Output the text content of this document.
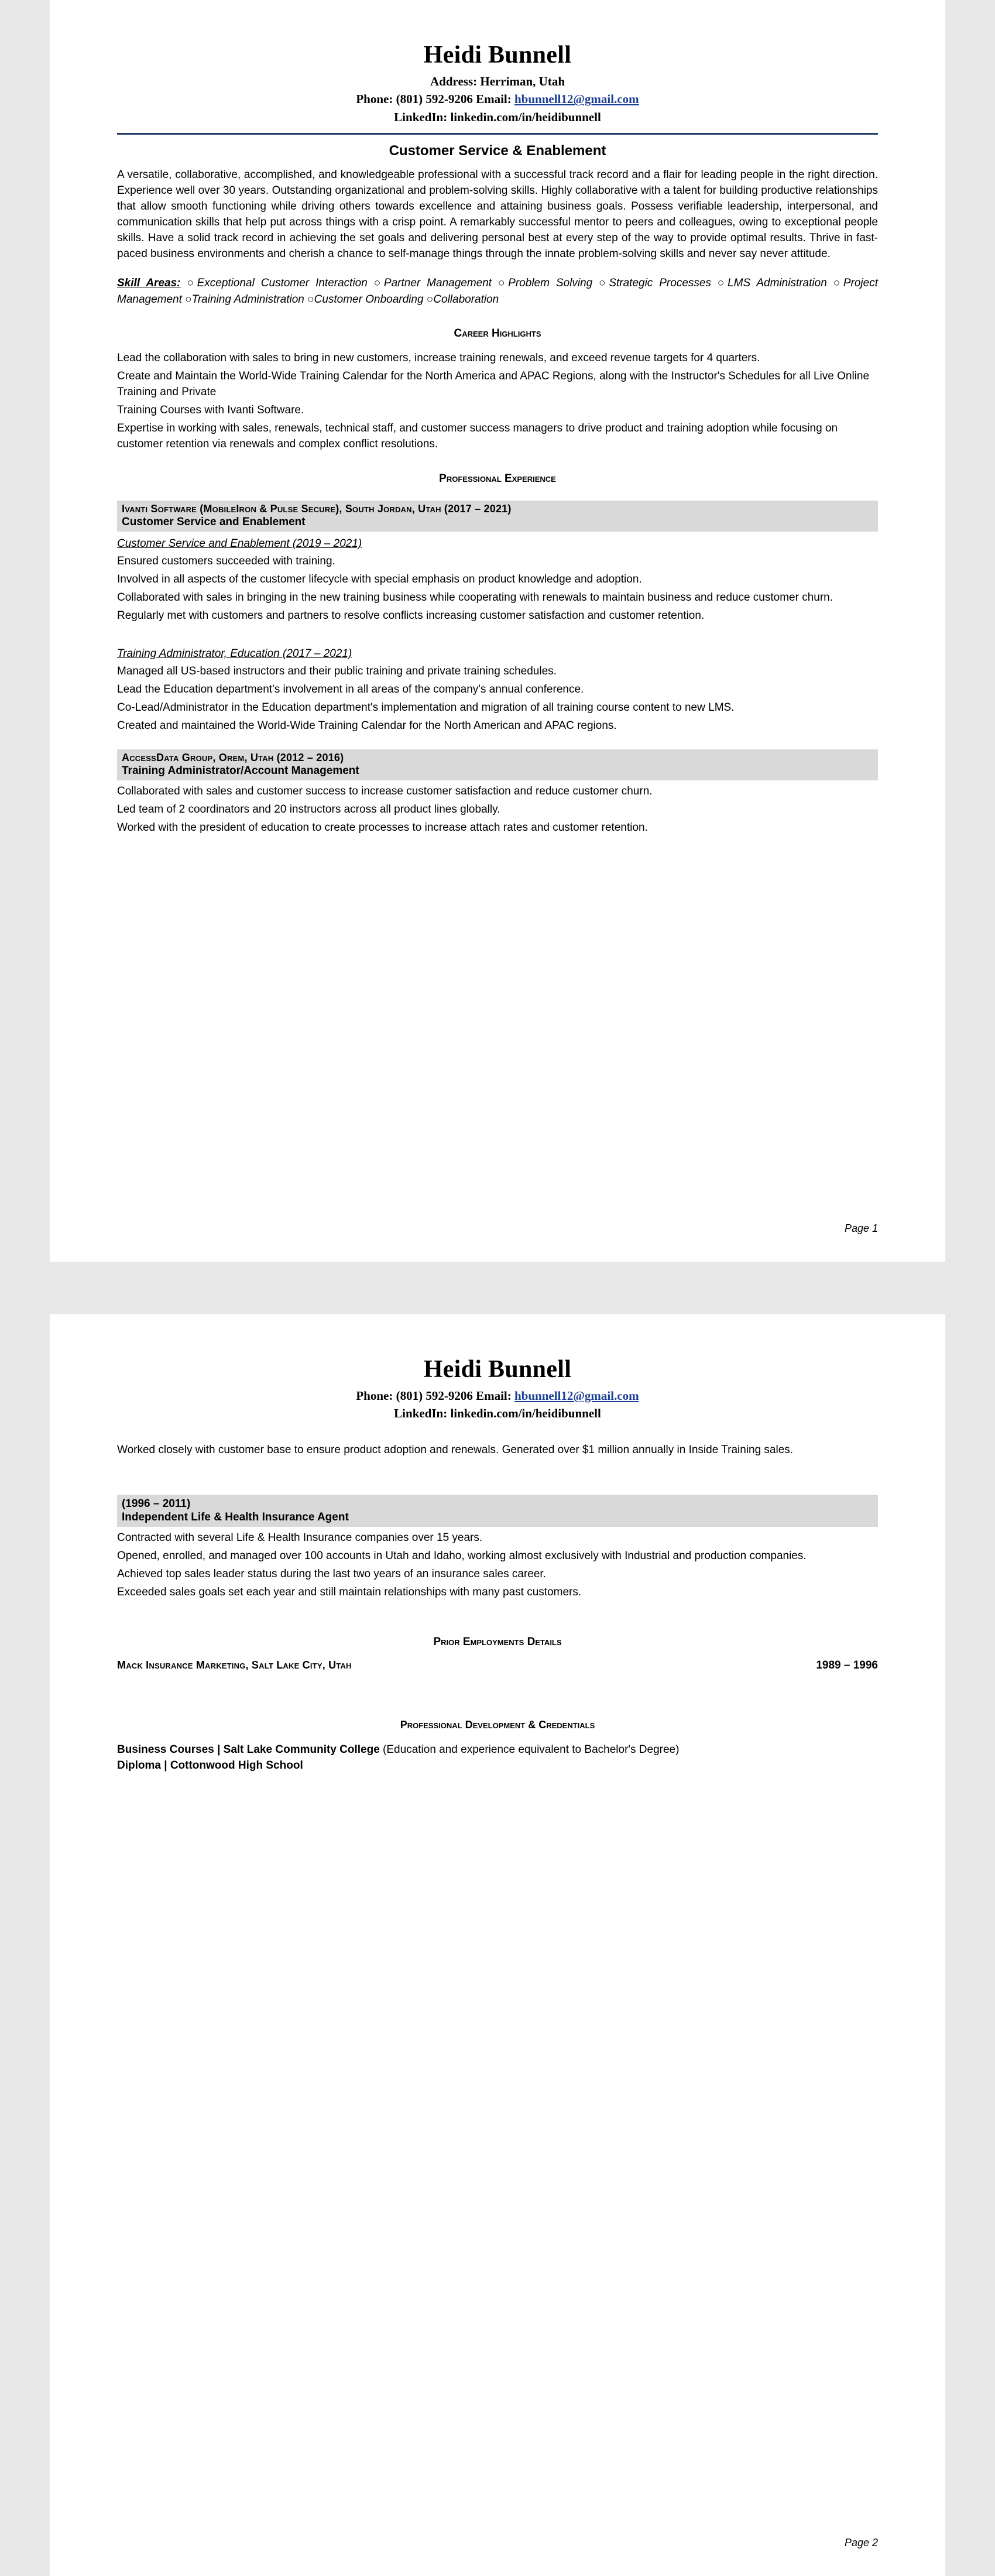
Heidi Bunnell
Address: Herriman, Utah
Phone: (801) 592-9206 Email: hbunnell12@gmail.com
LinkedIn: linkedin.com/in/heidibunnell
Customer Service & Enablement

A versatile, collaborative, accomplished, and knowledgeable professional with a successful track record and a flair for leading people in the right direction. Experience well over 30 years. Outstanding organizational and problem-solving skills. Highly collaborative with a talent for building productive relationships that allow smooth functioning while driving others towards excellence and attaining business goals. Possess verifiable leadership, interpersonal, and communication skills that help put across things with a crisp point. A remarkably successful mentor to peers and colleagues, owing to exceptional people skills. Have a solid track record in achieving the set goals and delivering personal best at every step of the way to provide optimal results. Thrive in fast-paced business environments and cherish a chance to self-manage things through the innate problem-solving skills and never say never attitude.

Skill Areas: ○Exceptional Customer Interaction ○Partner Management ○Problem Solving ○Strategic Processes ○LMS Administration ○Project Management ○Training Administration ○Customer Onboarding ○Collaboration
Career Highlights

Lead the collaboration with sales to bring in new customers, increase training renewals, and exceed revenue targets for 4 quarters.

Create and Maintain the World-Wide Training Calendar for the North America and APAC Regions, along with the Instructor's Schedules for all Live Online Training and Private

Training Courses with Ivanti Software.

Expertise in working with sales, renewals, technical staff, and customer success managers to drive product and training adoption while focusing on customer retention via renewals and complex conflict resolutions.

Professional Experience
Ivanti Software (MobileIron & Pulse Secure), South Jordan, Utah (2017 – 2021)
Customer Service and Enablement
Customer Service and Enablement (2019 – 2021)

Ensured customers succeeded with training.

Involved in all aspects of the customer lifecycle with special emphasis on product knowledge and adoption.

Collaborated with sales in bringing in the new training business while cooperating with renewals to maintain business and reduce customer churn.

Regularly met with customers and partners to resolve conflicts increasing customer satisfaction and customer retention.

Training Administrator, Education (2017 – 2021)

Managed all US-based instructors and their public training and private training schedules.

Lead the Education department's involvement in all areas of the company's annual conference.

Co-Lead/Administrator in the Education department's implementation and migration of all training course content to new LMS.

Created and maintained the World-Wide Training Calendar for the North American and APAC regions.

AccessData Group, Orem, Utah (2012 – 2016)
Training Administrator/Account Management

Collaborated with sales and customer success to increase customer satisfaction and reduce customer churn.

Led team of 2 coordinators and 20 instructors across all product lines globally.

Worked with the president of education to create processes to increase attach rates and customer retention.

Page 1
Heidi Bunnell
Phone: (801) 592-9206 Email: hbunnell12@gmail.com
LinkedIn: linkedin.com/in/heidibunnell

Worked closely with customer base to ensure product adoption and renewals. Generated over $1 million annually in Inside Training sales.

(1996 – 2011)
Independent Life & Health Insurance Agent

Contracted with several Life & Health Insurance companies over 15 years.

Opened, enrolled, and managed over 100 accounts in Utah and Idaho, working almost exclusively with Industrial and production companies.

Achieved top sales leader status during the last two years of an insurance sales career.

Exceeded sales goals set each year and still maintain relationships with many past customers.

Prior Employments Details
Mack Insurance Marketing, Salt Lake City, Utah	1989 – 1996
Professional Development & Credentials
Business Courses | Salt Lake Community College (Education and experience equivalent to Bachelor's Degree)
Diploma | Cottonwood High School
Page 2
